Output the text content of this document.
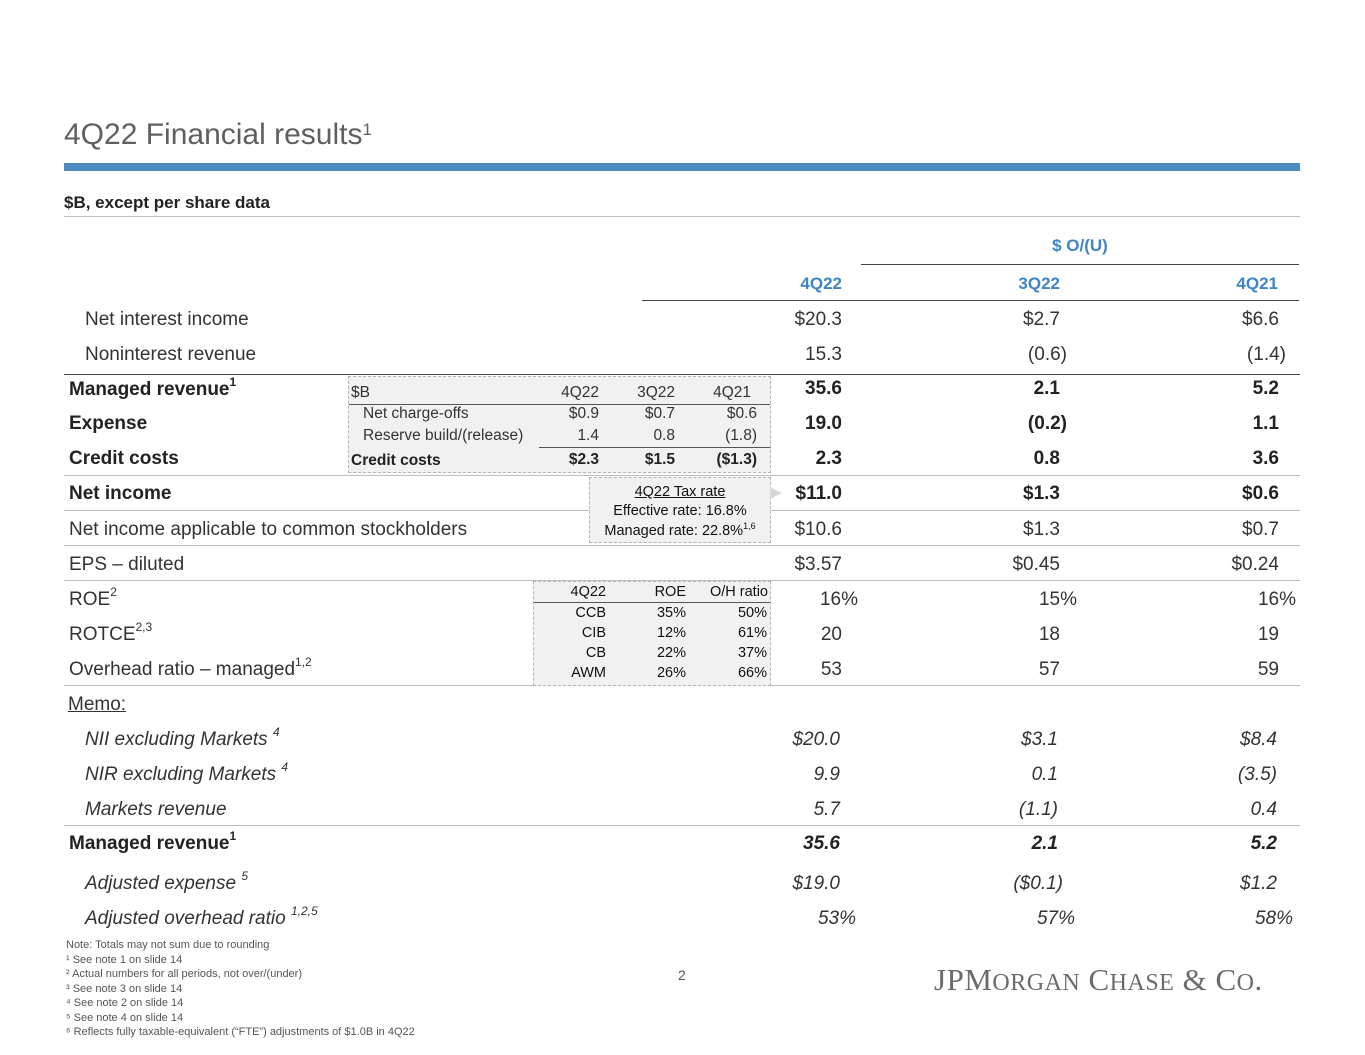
4Q22 Financial results$^1$
$B, except per share data
$ O/(U)
4Q22	3Q22	4Q21
Net interest income	$20.3	$2.7	$6.6
Noninterest revenue	15.3	(0.6)	(1.4)
Managed revenue$^1$	35.6	2.1	5.2
Expense	19.0	(0.2)	1.1
Credit costs	2.3	0.8	3.6
Net income	$11.0	$1.3	$0.6
Net income applicable to common stockholders	$10.6	$1.3	$0.7
EPS – diluted	$3.57	$0.45	$0.24
ROE$^2$	16%	15%	16%
ROTCE$^{2,3}$	20	18	19
Overhead ratio – managed$^{1,2}$	53	57	59
Memo:
NII excluding Markets $^4$	$20.0	$3.1	$8.4
NIR excluding Markets $^4$	9.9	0.1	(3.5)
Markets revenue	5.7	(1.1)	0.4
Managed revenue$^1$	35.6	2.1	5.2
Adjusted expense $^5$	$19.0	($0.1)	$1.2
Adjusted overhead ratio $^{1,2,5}$	53%	57%	58%
$B	4Q22	3Q22	4Q21
Net charge-offs	$0.9	$0.7	$0.6
Reserve build/(release)	1.4	0.8	(1.8)
Credit costs	$2.3	$1.5	($1.3)
4Q22 Tax rate
Effective rate: 16.8%
Managed rate: 22.8%$^{1,6}$
4Q22	ROE	O/H ratio
CCB	35%	50%
CIB	12%	61%
CB	22%	37%
AWM	26%	66%
Note: Totals may not sum due to rounding
¹ See note 1 on slide 14
² Actual numbers for all periods, not over/(under)
³ See note 3 on slide 14
⁴ See note 2 on slide 14
⁵ See note 4 on slide 14
⁶ Reflects fully taxable-equivalent (“FTE”) adjustments of $1.0B in 4Q22
2	JPMORGAN CHASE & CO.
